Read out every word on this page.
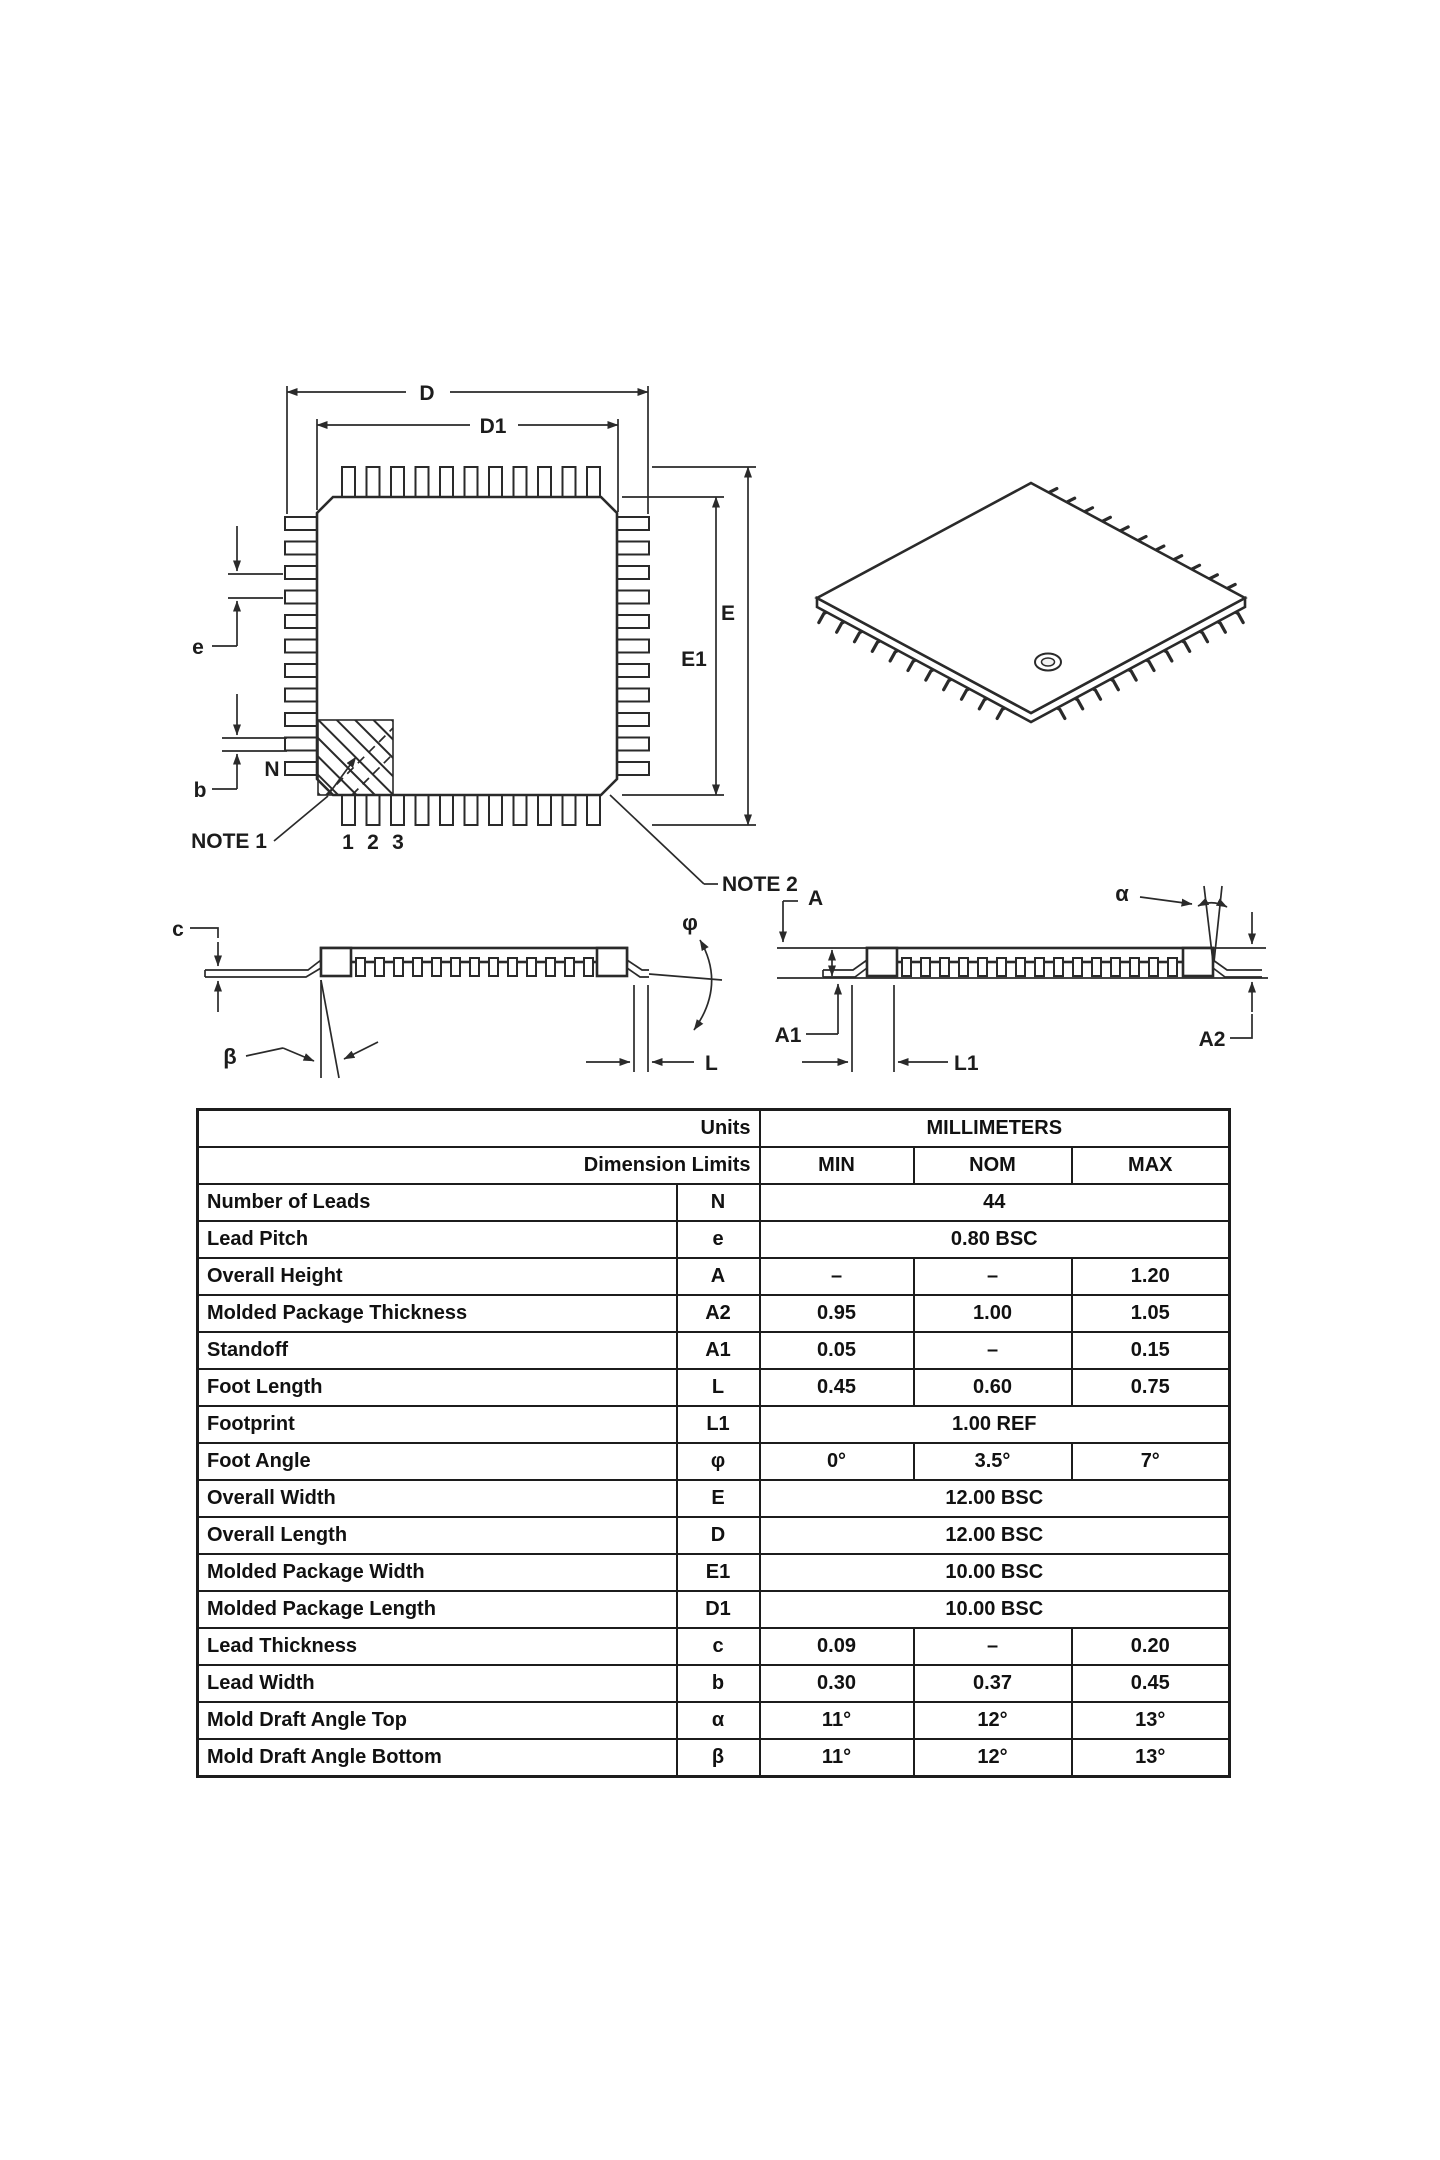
D
D1
E
E1
e
b
N
NOTE 1
NOTE 2
1 2 3
c
β
φ
L
A
A1
L1
α
A2
Units		MILLIMETERS		
Dimension Limits		MIN	NOM	MAX
Number of Leads	N	44		
Lead Pitch	e	0.80 BSC		
Overall Height	A	–	–	1.20
Molded Package Thickness	A2	0.95	1.00	1.05
Standoff	A1	0.05	–	0.15
Foot Length	L	0.45	0.60	0.75
Footprint	L1	1.00 REF		
Foot Angle	φ	0°	3.5°	7°
Overall Width	E	12.00 BSC		
Overall Length	D	12.00 BSC		
Molded Package Width	E1	10.00 BSC		
Molded Package Length	D1	10.00 BSC		
Lead Thickness	c	0.09	–	0.20
Lead Width	b	0.30	0.37	0.45
Mold Draft Angle Top	α	11°	12°	13°
Mold Draft Angle Bottom	β	11°	12°	13°
